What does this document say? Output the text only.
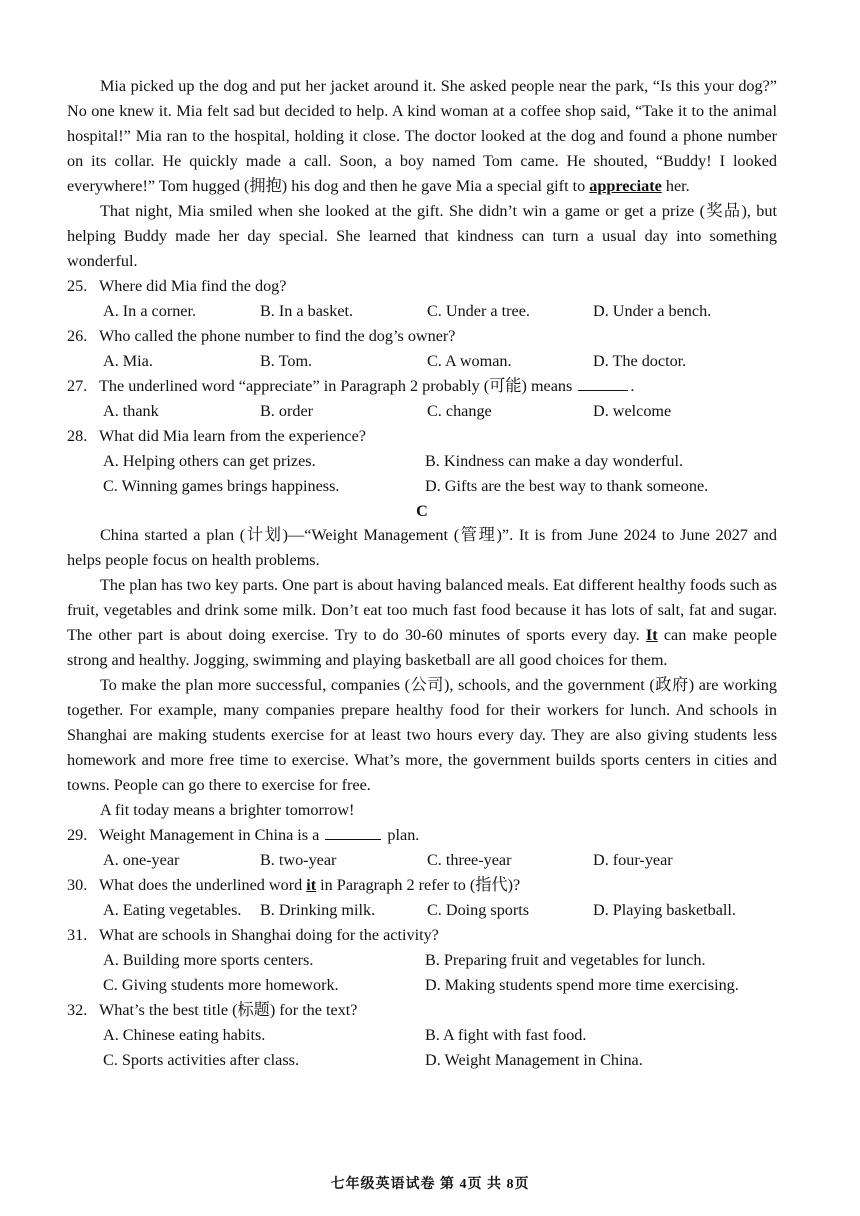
Mia picked up the dog and put her jacket around it. She asked people near the park, “Is this your dog?” No one knew it. Mia felt sad but decided to help. A kind woman at a coffee shop said, “Take it to the animal hospital!” Mia ran to the hospital, holding it close. The doctor looked at the dog and found a phone number on its collar. He quickly made a call. Soon, a boy named Tom came. He shouted, “Buddy! I looked everywhere!” Tom hugged (拥抱) his dog and then he gave Mia a special gift to appreciate her.

That night, Mia smiled when she looked at the gift. She didn’t win a game or get a prize (奖品), but helping Buddy made her day special. She learned that kindness can turn a usual day into something wonderful.

25. Where did Mia find the dog?

A. In a corner.	B. In a basket.	C. Under a tree.	D. Under a bench.

26. Who called the phone number to find the dog’s owner?

A. Mia.	B. Tom.	C. A woman.	D. The doctor.

27. The underlined word “appreciate” in Paragraph 2 probably (可能) means	.

A. thank	B. order	C. change	D. welcome

28. What did Mia learn from the experience?

A. Helping others can get prizes.	B. Kindness can make a day wonderful.
C. Winning games brings happiness.	D. Gifts are the best way to thank someone.

C

China started a plan (计划)—“Weight Management (管理)”. It is from June 2024 to June 2027 and helps people focus on health problems.

The plan has two key parts. One part is about having balanced meals. Eat different healthy foods such as fruit, vegetables and drink some milk. Don’t eat too much fast food because it has lots of salt, fat and sugar. The other part is about doing exercise. Try to do 30-60 minutes of sports every day. It can make people strong and healthy. Jogging, swimming and playing basketball are all good choices for them.

To make the plan more successful, companies (公司), schools, and the government (政府) are working together. For example, many companies prepare healthy food for their workers for lunch. And schools in Shanghai are making students exercise for at least two hours every day. They are also giving students less homework and more free time to exercise. What’s more, the government builds sports centers in cities and towns. People can go there to exercise for free.

A fit today means a brighter tomorrow!

29. Weight Management in China is a	plan.

A. one-year	B. two-year	C. three-year	D. four-year

30. What does the underlined word it in Paragraph 2 refer to (指代)?

A. Eating vegetables.	B. Drinking milk.	C. Doing sports	D. Playing basketball.

31. What are schools in Shanghai doing for the activity?

A. Building more sports centers.	B. Preparing fruit and vegetables for lunch.
C. Giving students more homework.	D. Making students spend more time exercising.

32. What’s the best title (标题) for the text?

A. Chinese eating habits.	B. A fight with fast food.
C. Sports activities after class.	D. Weight Management in China.
七年级英语试卷 第 4页 共 8页
